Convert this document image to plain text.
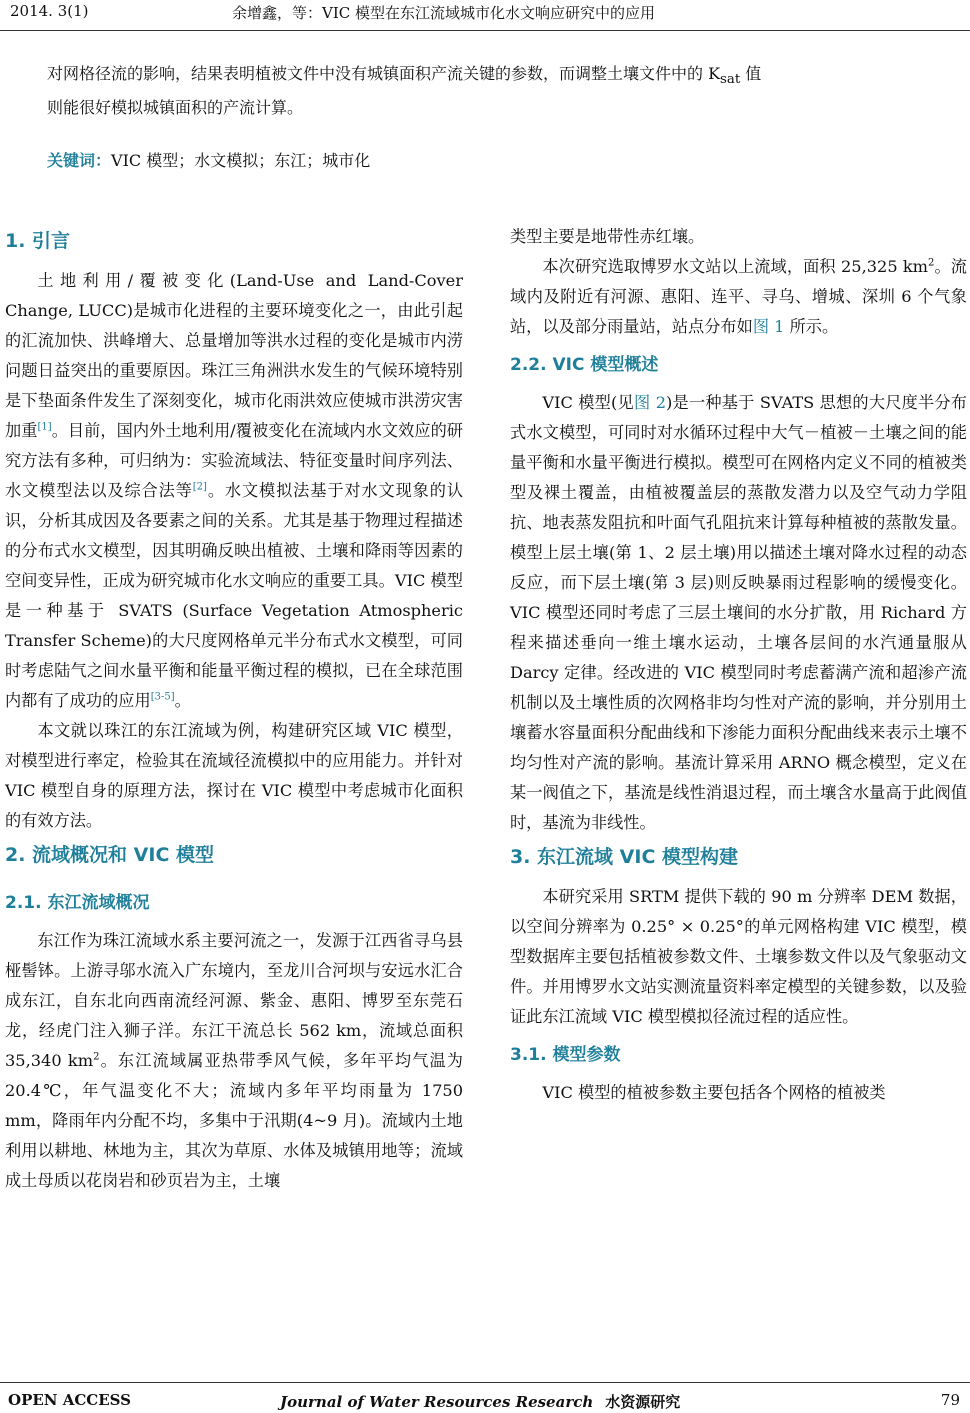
2014. 3(1)	余增鑫，等：VIC 模型在东江流域城市化水文响应研究中的应用

对网格径流的影响，结果表明植被文件中没有城镇面积产流关键的参数，而调整土壤文件中的 $K_{sat}$ 值

则能很好模拟城镇面积的产流计算。

关键词：VIC 模型；水文模拟；东江；城市化
1. 引言

土地利用/覆被变化(Land-Use and Land-Cover Change, LUCC)是城市化进程的主要环境变化之一，由此引起的汇流加快、洪峰增大、总量增加等洪水过程的变化是城市内涝问题日益突出的重要原因。珠江三角洲洪水发生的气候环境特别是下垫面条件发生了深刻变化，城市化雨洪效应使城市洪涝灾害加重[1]。目前，国内外土地利用/覆被变化在流域内水文效应的研究方法有多种，可归纳为：实验流域法、特征变量时间序列法、水文模型法以及综合法等[2]。水文模拟法基于对水文现象的认识，分析其成因及各要素之间的关系。尤其是基于物理过程描述的分布式水文模型，因其明确反映出植被、土壤和降雨等因素的空间变异性，正成为研究城市化水文响应的重要工具。VIC 模型是一种基于 SVATS (Surface Vegetation Atmospheric Transfer Scheme)的大尺度网格单元半分布式水文模型，可同时考虑陆气之间水量平衡和能量平衡过程的模拟，已在全球范围内都有了成功的应用[3-5]。

本文就以珠江的东江流域为例，构建研究区域 VIC 模型，对模型进行率定，检验其在流域径流模拟中的应用能力。并针对 VIC 模型自身的原理方法，探讨在 VIC 模型中考虑城市化面积的有效方法。

2. 流域概况和 VIC 模型
2.1. 东江流域概况

东江作为珠江流域水系主要河流之一，发源于江西省寻乌县桠髻钵。上游寻邬水流入广东境内，至龙川合河坝与安远水汇合成东江，自东北向西南流经河源、紫金、惠阳、博罗至东莞石龙，经虎门注入狮子洋。东江干流总长 562 km，流域总面积 35,340 $km^2$。东江流域属亚热带季风气候，多年平均气温为 20.4℃，年气温变化不大；流域内多年平均雨量为 1750 mm，降雨年内分配不均，多集中于汛期(4~9 月)。流域内土地利用以耕地、林地为主，其次为草原、水体及城镇用地等；流域成土母质以花岗岩和砂页岩为主，土壤

类型主要是地带性赤红壤。

本次研究选取博罗水文站以上流域，面积 25,325 $km^2$。流域内及附近有河源、惠阳、连平、寻乌、增城、深圳 6 个气象站，以及部分雨量站，站点分布如图 1 所示。

2.2. VIC 模型概述

VIC 模型(见图 2)是一种基于 SVATS 思想的大尺度半分布式水文模型，可同时对水循环过程中大气－植被－土壤之间的能量平衡和水量平衡进行模拟。模型可在网格内定义不同的植被类型及裸土覆盖，由植被覆盖层的蒸散发潜力以及空气动力学阻抗、地表蒸发阻抗和叶面气孔阻抗来计算每种植被的蒸散发量。模型上层土壤(第 1、2 层土壤)用以描述土壤对降水过程的动态反应，而下层土壤(第 3 层)则反映暴雨过程影响的缓慢变化。VIC 模型还同时考虑了三层土壤间的水分扩散，用 Richard 方程来描述垂向一维土壤水运动，土壤各层间的水汽通量服从 Darcy 定律。经改进的 VIC 模型同时考虑蓄满产流和超渗产流机制以及土壤性质的次网格非均匀性对产流的影响，并分别用土壤蓄水容量面积分配曲线和下渗能力面积分配曲线来表示土壤不均匀性对产流的影响。基流计算采用 ARNO 概念模型，定义在某一阀值之下，基流是线性消退过程，而土壤含水量高于此阀值时，基流为非线性。

3. 东江流域 VIC 模型构建

本研究采用 SRTM 提供下载的 90 m 分辨率 DEM 数据，以空间分辨率为 0.25° × 0.25°的单元网格构建 VIC 模型，模型数据库主要包括植被参数文件、土壤参数文件以及气象驱动文件。并用博罗水文站实测流量资料率定模型的关键参数，以及验证此东江流域 VIC 模型模拟径流过程的适应性。

3.1. 模型参数

VIC 模型的植被参数主要包括各个网格的植被类

OPEN ACCESS	Journal of Water Resources Research 水资源研究	79
